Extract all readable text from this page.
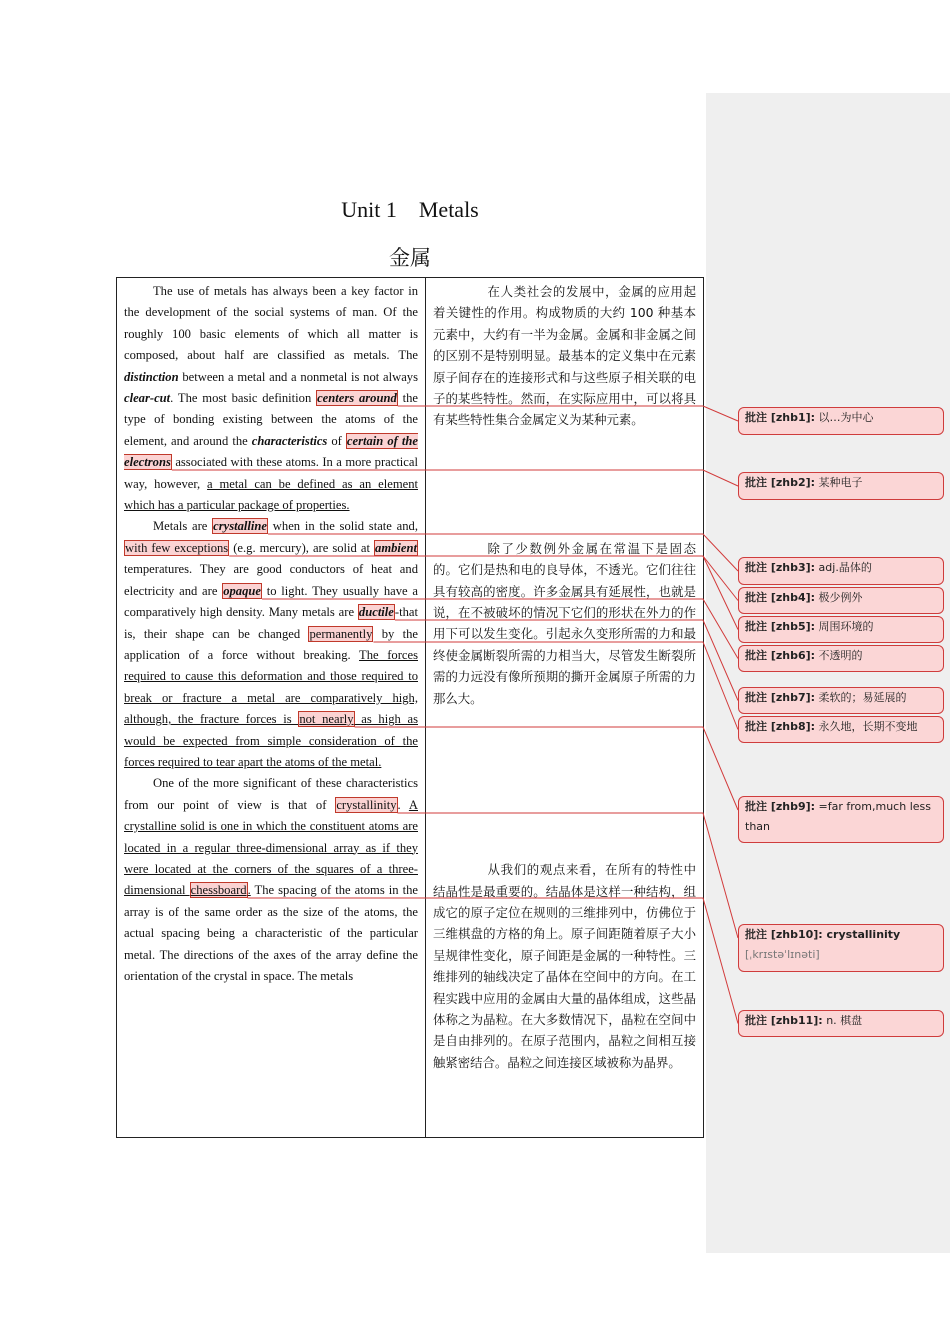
Unit 1    Metals
金属
The use of metals has always been a key factor in the development of the social systems of man. Of the roughly 100 basic elements of which all matter is composed, about half are classified as metals. The distinction between a metal and a nonmetal is not always clear-cut. The most basic definition centers around the type of bonding existing between the atoms of the element, and around the characteristics of certain of the electrons associated with these atoms. In a more practical way, however, a metal can be defined as an element which has a particular package of properties.
Metals are crystalline when in the solid state and, with few exceptions (e.g. mercury), are solid at ambient temperatures. They are good conductors of heat and electricity and are opaque to light. They usually have a comparatively high density. Many metals are ductile-that is, their shape can be changed permanently by the application of a force without breaking. The forces required to cause this deformation and those required to break or fracture a metal are comparatively high, although, the fracture forces is not nearly as high as would be expected from simple consideration of the forces required to tear apart the atoms of the metal.
One of the more significant of these characteristics from our point of view is that of crystallinity. A crystalline solid is one in which the constituent atoms are located in a regular three-dimensional array as if they were located at the corners of the squares of a three-dimensional chessboard. The spacing of the atoms in the array is of the same order as the size of the atoms, the actual spacing being a characteristic of the particular metal. The directions of the axes of the array define the orientation of the crystal in space. The metals

在人类社会的发展中，金属的应用起着关键性的作用。构成物质的大约 100 种基本元素中，大约有一半为金属。金属和非金属之间的区别不是特别明显。最基本的定义集中在元素原子间存在的连接形式和与这些原子相关联的电子的某些特性。然而，在实际应用中，可以将具有某些特性集合金属定义为某种元素。

除了少数例外金属在常温下是固态的。它们是热和电的良导体，不透光。它们往往具有较高的密度。许多金属具有延展性，也就是说，在不被破坏的情况下它们的形状在外力的作用下可以发生变化。引起永久变形所需的力和最终使金属断裂所需的力相当大，尽管发生断裂所需的力远没有像所预期的撕开金属原子所需的力那么大。

从我们的观点来看，在所有的特性中结晶性是最重要的。结晶体是这样一种结构，组成它的原子定位在规则的三维排列中，仿佛位于三维棋盘的方格的角上。原子间距随着原子大小呈规律性变化，原子间距是金属的一种特性。三维排列的轴线决定了晶体在空间中的方向。在工程实践中应用的金属由大量的晶体组成，这些晶体称之为晶粒。在大多数情况下，晶粒在空间中是自由排列的。在原子范围内，晶粒之间相互接触紧密结合。晶粒之间连接区域被称为晶界。

批注 [zhb1]: 以…为中心
批注 [zhb2]: 某种电子
批注 [zhb3]: adj.晶体的
批注 [zhb4]: 极少例外
批注 [zhb5]: 周围环境的
批注 [zhb6]: 不透明的
批注 [zhb7]: 柔软的；易延展的
批注 [zhb8]: 永久地，长期不变地
批注 [zhb9]: =far from,much less than
批注 [zhb10]: crystallinity
[ˌkrɪstəˈlɪnəti]
批注 [zhb11]: n. 棋盘
